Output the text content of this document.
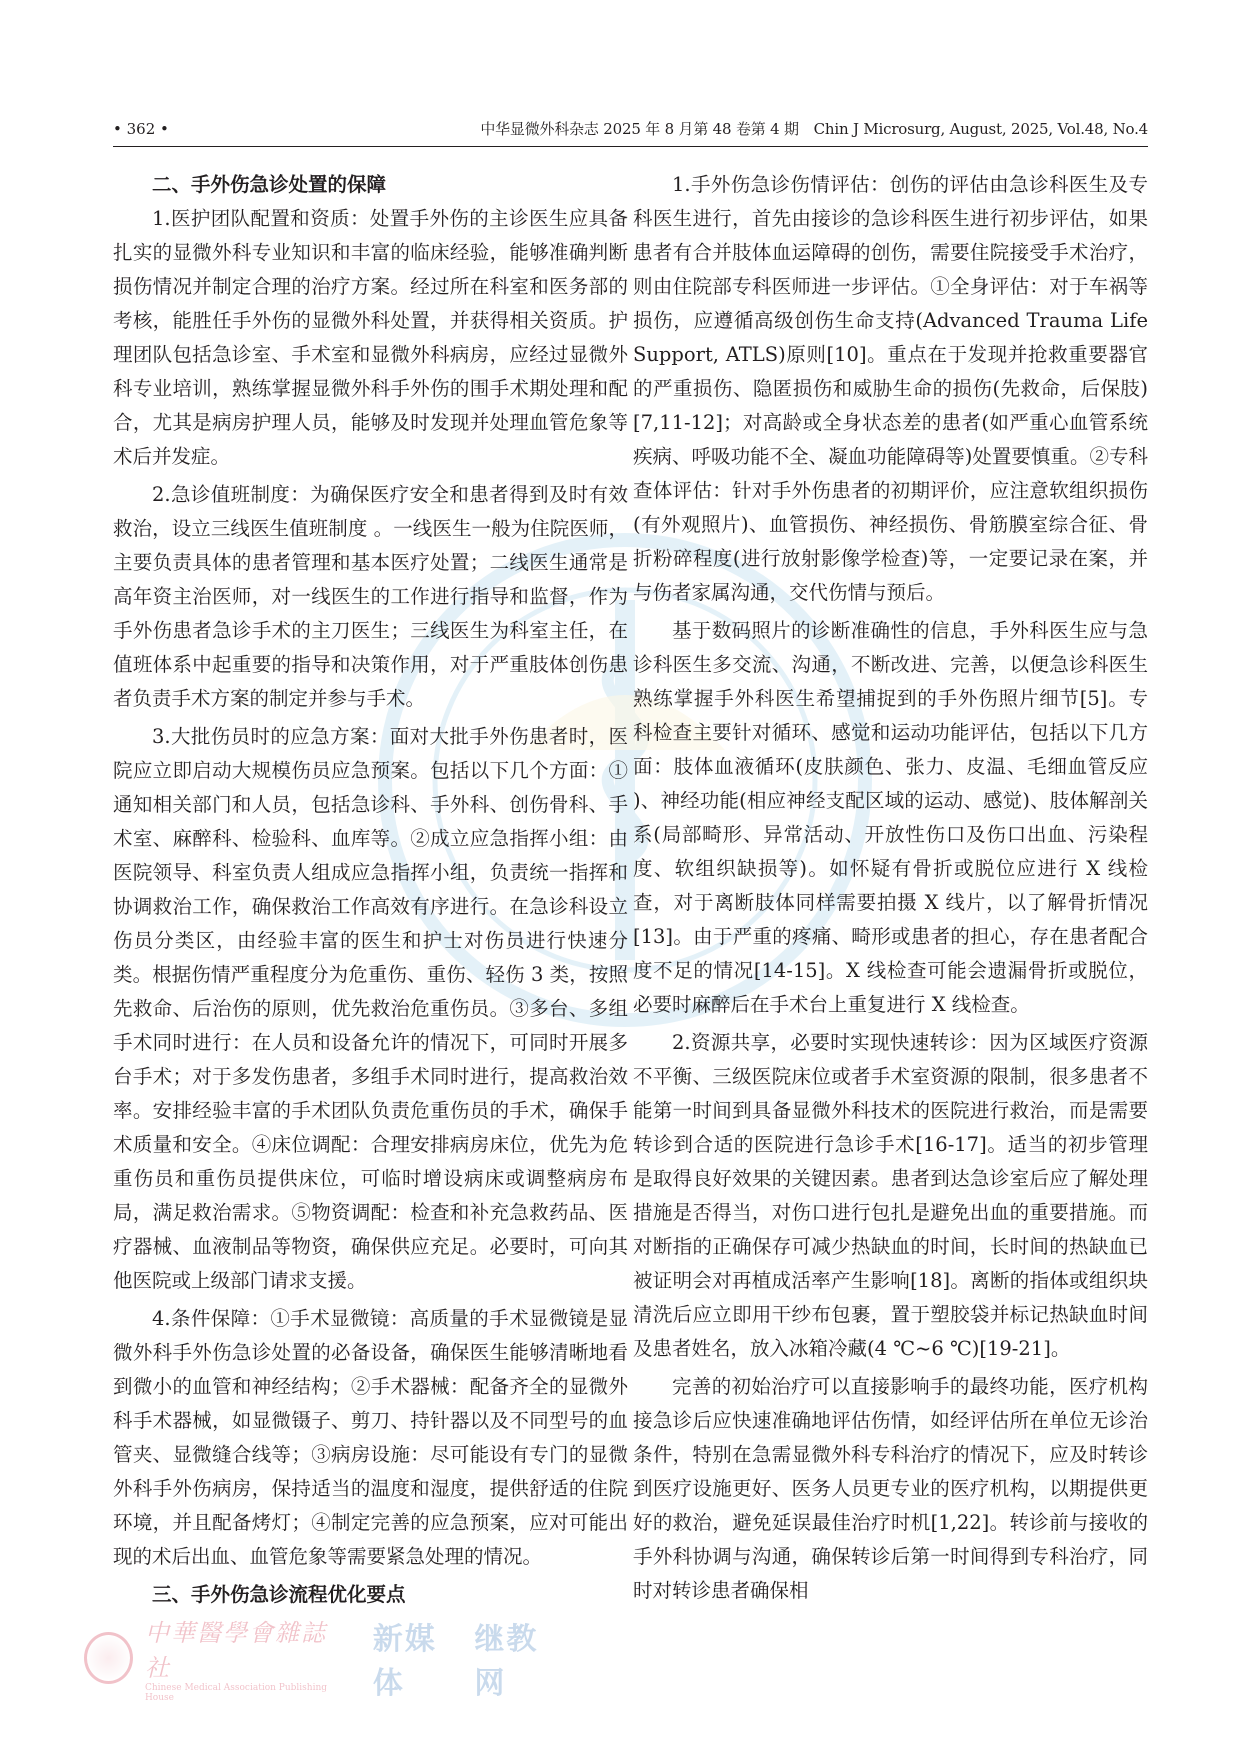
• 362 •	中华显微外科杂志 2025 年 8 月第 48 卷第 4 期　Chin J Microsurg, August, 2025, Vol.48, No.4
二、手外伤急诊处置的保障

1.医护团队配置和资质：处置手外伤的主诊医生应具备扎实的显微外科专业知识和丰富的临床经验，能够准确判断损伤情况并制定合理的治疗方案。经过所在科室和医务部的考核，能胜任手外伤的显微外科处置，并获得相关资质。护理团队包括急诊室、手术室和显微外科病房，应经过显微外科专业培训，熟练掌握显微外科手外伤的围手术期处理和配合，尤其是病房护理人员，能够及时发现并处理血管危象等术后并发症。

2.急诊值班制度：为确保医疗安全和患者得到及时有效救治，设立三线医生值班制度 。一线医生一般为住院医师，主要负责具体的患者管理和基本医疗处置；二线医生通常是高年资主治医师，对一线医生的工作进行指导和监督，作为手外伤患者急诊手术的主刀医生；三线医生为科室主任，在值班体系中起重要的指导和决策作用，对于严重肢体创伤患者负责手术方案的制定并参与手术。

3.大批伤员时的应急方案：面对大批手外伤患者时，医院应立即启动大规模伤员应急预案。包括以下几个方面：①通知相关部门和人员，包括急诊科、手外科、创伤骨科、手术室、麻醉科、检验科、血库等。②成立应急指挥小组：由医院领导、科室负责人组成应急指挥小组，负责统一指挥和协调救治工作，确保救治工作高效有序进行。在急诊科设立伤员分类区，由经验丰富的医生和护士对伤员进行快速分类。根据伤情严重程度分为危重伤、重伤、轻伤 3 类，按照先救命、后治伤的原则，优先救治危重伤员。③多台、多组手术同时进行：在人员和设备允许的情况下，可同时开展多台手术；对于多发伤患者，多组手术同时进行，提高救治效率。安排经验丰富的手术团队负责危重伤员的手术，确保手术质量和安全。④床位调配：合理安排病房床位，优先为危重伤员和重伤员提供床位，可临时增设病床或调整病房布局，满足救治需求。⑤物资调配：检查和补充急救药品、医疗器械、血液制品等物资，确保供应充足。必要时，可向其他医院或上级部门请求支援。

4.条件保障：①手术显微镜：高质量的手术显微镜是显微外科手外伤急诊处置的必备设备，确保医生能够清晰地看到微小的血管和神经结构；②手术器械：配备齐全的显微外科手术器械，如显微镊子、剪刀、持针器以及不同型号的血管夹、显微缝合线等；③病房设施：尽可能设有专门的显微外科手外伤病房，保持适当的温度和湿度，提供舒适的住院环境，并且配备烤灯；④制定完善的应急预案，应对可能出现的术后出血、血管危象等需要紧急处理的情况。

三、手外伤急诊流程优化要点

1.手外伤急诊伤情评估：创伤的评估由急诊科医生及专科医生进行，首先由接诊的急诊科医生进行初步评估，如果患者有合并肢体血运障碍的创伤，需要住院接受手术治疗，则由住院部专科医师进一步评估。①全身评估：对于车祸等损伤，应遵循高级创伤生命支持(Advanced Trauma Life Support, ATLS)原则[10]。重点在于发现并抢救重要器官的严重损伤、隐匿损伤和威胁生命的损伤(先救命，后保肢)[7,11-12]；对高龄或全身状态差的患者(如严重心血管系统疾病、呼吸功能不全、凝血功能障碍等)处置要慎重。②专科查体评估：针对手外伤患者的初期评价，应注意软组织损伤(有外观照片)、血管损伤、神经损伤、骨筋膜室综合征、骨折粉碎程度(进行放射影像学检查)等，一定要记录在案，并与伤者家属沟通，交代伤情与预后。

基于数码照片的诊断准确性的信息，手外科医生应与急诊科医生多交流、沟通，不断改进、完善，以便急诊科医生熟练掌握手外科医生希望捕捉到的手外伤照片细节[5]。专科检查主要针对循环、感觉和运动功能评估，包括以下几方面：肢体血液循环(皮肤颜色、张力、皮温、毛细血管反应 )、神经功能(相应神经支配区域的运动、感觉)、肢体解剖关系(局部畸形、异常活动、开放性伤口及伤口出血、污染程度、软组织缺损等)。如怀疑有骨折或脱位应进行 X 线检查，对于离断肢体同样需要拍摄 X 线片，以了解骨折情况[13]。由于严重的疼痛、畸形或患者的担心，存在患者配合度不足的情况[14-15]。X 线检查可能会遗漏骨折或脱位，必要时麻醉后在手术台上重复进行 X 线检查。

2.资源共享，必要时实现快速转诊：因为区域医疗资源不平衡、三级医院床位或者手术室资源的限制，很多患者不能第一时间到具备显微外科技术的医院进行救治，而是需要转诊到合适的医院进行急诊手术[16-17]。适当的初步管理是取得良好效果的关键因素。患者到达急诊室后应了解处理措施是否得当，对伤口进行包扎是避免出血的重要措施。而对断指的正确保存可减少热缺血的时间，长时间的热缺血已被证明会对再植成活率产生影响[18]。离断的指体或组织块清洗后应立即用干纱布包裹，置于塑胶袋并标记热缺血时间及患者姓名，放入冰箱冷藏(4 ℃~6 ℃)[19-21]。

完善的初始治疗可以直接影响手的最终功能，医疗机构接急诊后应快速准确地评估伤情，如经评估所在单位无诊治条件，特别在急需显微外科专科治疗的情况下，应及时转诊到医疗设施更好、医务人员更专业的医疗机构，以期提供更好的救治，避免延误最佳治疗时机[1,22]。转诊前与接收的手外科协调与沟通，确保转诊后第一时间得到专科治疗，同时对转诊患者确保相

中華醫學會雜誌社
Chinese Medical Association Publishing House
新媒体
继教网
